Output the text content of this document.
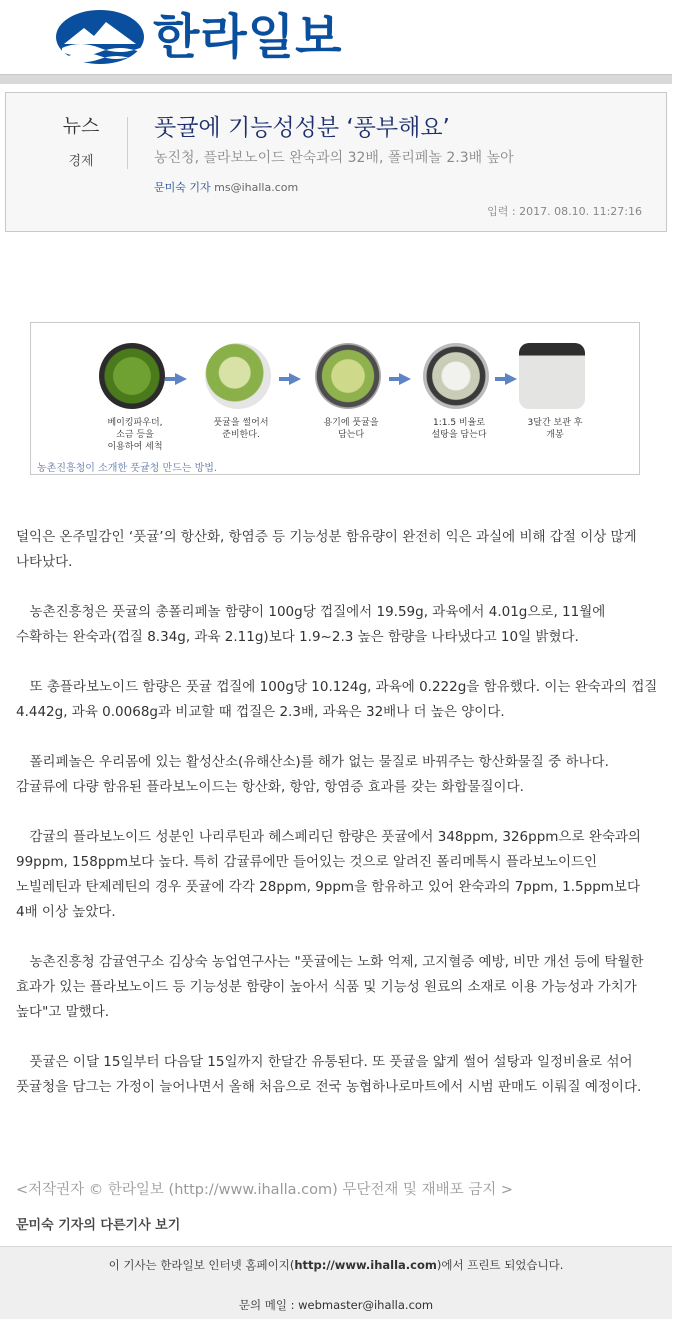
한라일보
뉴스
경제
풋귤에 기능성성분 ‘풍부해요’
농진청, 플라보노이드 완숙과의 32배, 폴리페놀 2.3배 높아
문미숙 기자 ms@ihalla.com
입력 : 2017. 08.10. 11:27:16
베이킹파우더,
소금 등을
이용하여 세척
풋귤을 썰어서
준비한다.
용기에 풋귤을
담는다
1:1.5 비율로
설탕을 담는다
3달간 보관 후
개봉
농촌진흥청이 소개한 풋귤청 만드는 방법.

덜익은 온주밀감인 ‘풋귤’의 항산화, 항염증 등 기능성분 함유량이 완전히 익은 과실에 비해 갑절 이상 많게 나타났다.

　농촌진흥청은 풋귤의 총폴리페놀 함량이 100g당 껍질에서 19.59g, 과육에서 4.01g으로, 11월에 수확하는 완숙과(껍질 8.34g, 과육 2.11g)보다 1.9~2.3 높은 함량을 나타냈다고 10일 밝혔다.

　또 총플라보노이드 함량은 풋귤 껍질에 100g당 10.124g, 과육에 0.222g을 함유했다. 이는 완숙과의 껍질 4.442g, 과육 0.0068g과 비교할 때 껍질은 2.3배, 과육은 32배나 더 높은 양이다.

　폴리페놀은 우리몸에 있는 활성산소(유해산소)를 해가 없는 물질로 바꿔주는 항산화물질 중 하나다. 감귤류에 다량 함유된 플라보노이드는 항산화, 항암, 항염증 효과를 갖는 화합물질이다.

　감귤의 플라보노이드 성분인 나리루틴과 헤스페리딘 함량은 풋귤에서 348ppm, 326ppm으로 완숙과의 99ppm, 158ppm보다 높다. 특히 감귤류에만 들어있는 것으로 알려진 폴리메톡시 플라보노이드인 노빌레틴과 탄제레틴의 경우 풋귤에 각각 28ppm, 9ppm을 함유하고 있어 완숙과의 7ppm, 1.5ppm보다 4배 이상 높았다.

　농촌진흥청 감귤연구소 김상숙 농업연구사는 "풋귤에는 노화 억제, 고지혈증 예방, 비만 개선 등에 탁월한 효과가 있는 플라보노이드 등 기능성분 함량이 높아서 식품 및 기능성 원료의 소재로 이용 가능성과 가치가 높다"고 말했다.

　풋귤은 이달 15일부터 다음달 15일까지 한달간 유통된다. 또 풋귤을 얇게 썰어 설탕과 일정비율로 섞어 풋귤청을 담그는 가정이 늘어나면서 올해 처음으로 전국 농협하나로마트에서 시범 판매도 이뤄질 예정이다.

<저작권자 © 한라일보 (http://www.ihalla.com) 무단전재 및 재배포 금지 >
문미숙 기자의 다른기사 보기
이 기사는 한라일보 인터넷 홈페이지(http://www.ihalla.com)에서 프린트 되었습니다.
문의 메일 : webmaster@ihalla.com
